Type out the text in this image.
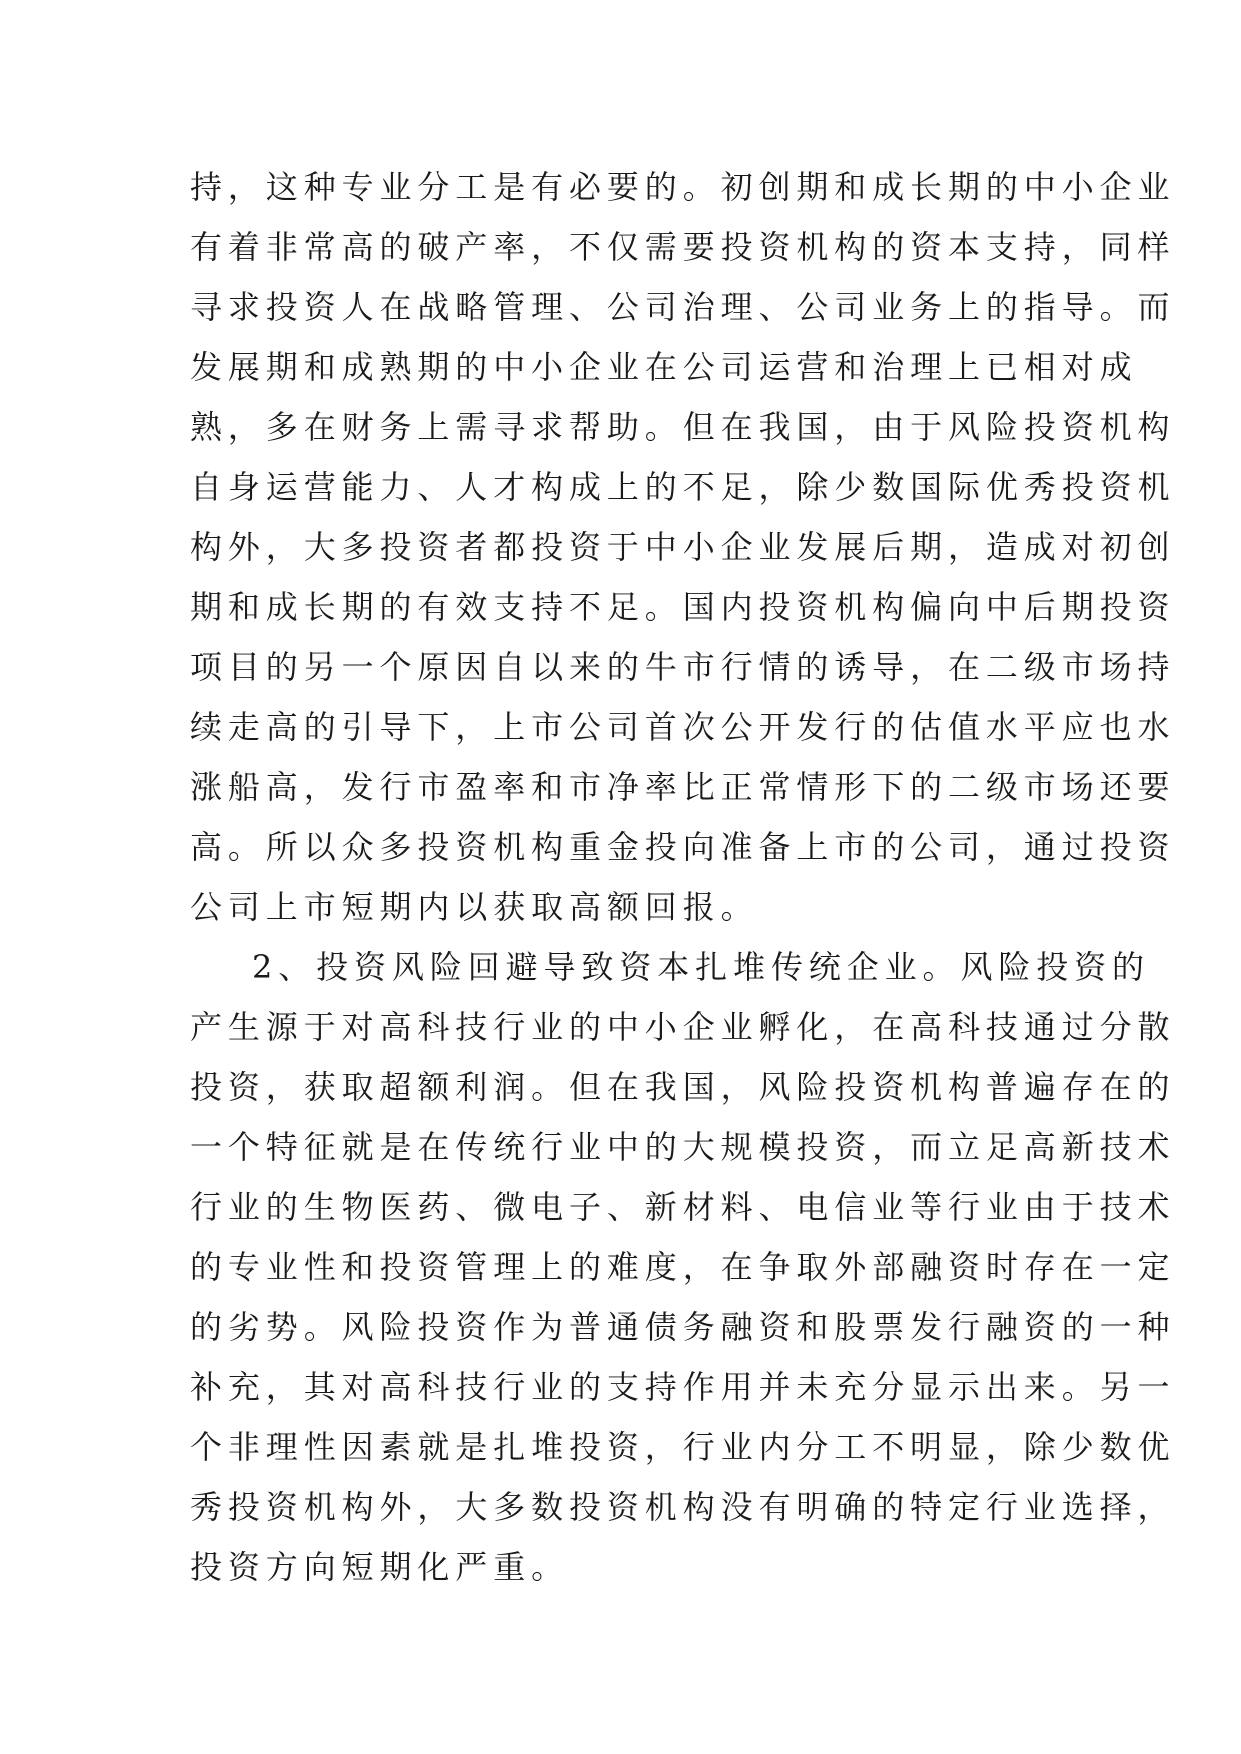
持，这种专业分工是有必要的。初创期和成长期的中小企业
有着非常高的破产率，不仅需要投资机构的资本支持，同样
寻求投资人在战略管理、公司治理、公司业务上的指导。而
发展期和成熟期的中小企业在公司运营和治理上已相对成
熟，多在财务上需寻求帮助。但在我国，由于风险投资机构
自身运营能力、人才构成上的不足，除少数国际优秀投资机
构外，大多投资者都投资于中小企业发展后期，造成对初创
期和成长期的有效支持不足。国内投资机构偏向中后期投资
项目的另一个原因自以来的牛市行情的诱导，在二级市场持
续走高的引导下，上市公司首次公开发行的估值水平应也水
涨船高，发行市盈率和市净率比正常情形下的二级市场还要
高。所以众多投资机构重金投向准备上市的公司，通过投资
公司上市短期内以获取高额回报。
2、投资风险回避导致资本扎堆传统企业。风险投资的
产生源于对高科技行业的中小企业孵化，在高科技通过分散
投资，获取超额利润。但在我国，风险投资机构普遍存在的
一个特征就是在传统行业中的大规模投资，而立足高新技术
行业的生物医药、微电子、新材料、电信业等行业由于技术
的专业性和投资管理上的难度，在争取外部融资时存在一定
的劣势。风险投资作为普通债务融资和股票发行融资的一种
补充，其对高科技行业的支持作用并未充分显示出来。另一
个非理性因素就是扎堆投资，行业内分工不明显，除少数优
秀投资机构外，大多数投资机构没有明确的特定行业选择，
投资方向短期化严重。
